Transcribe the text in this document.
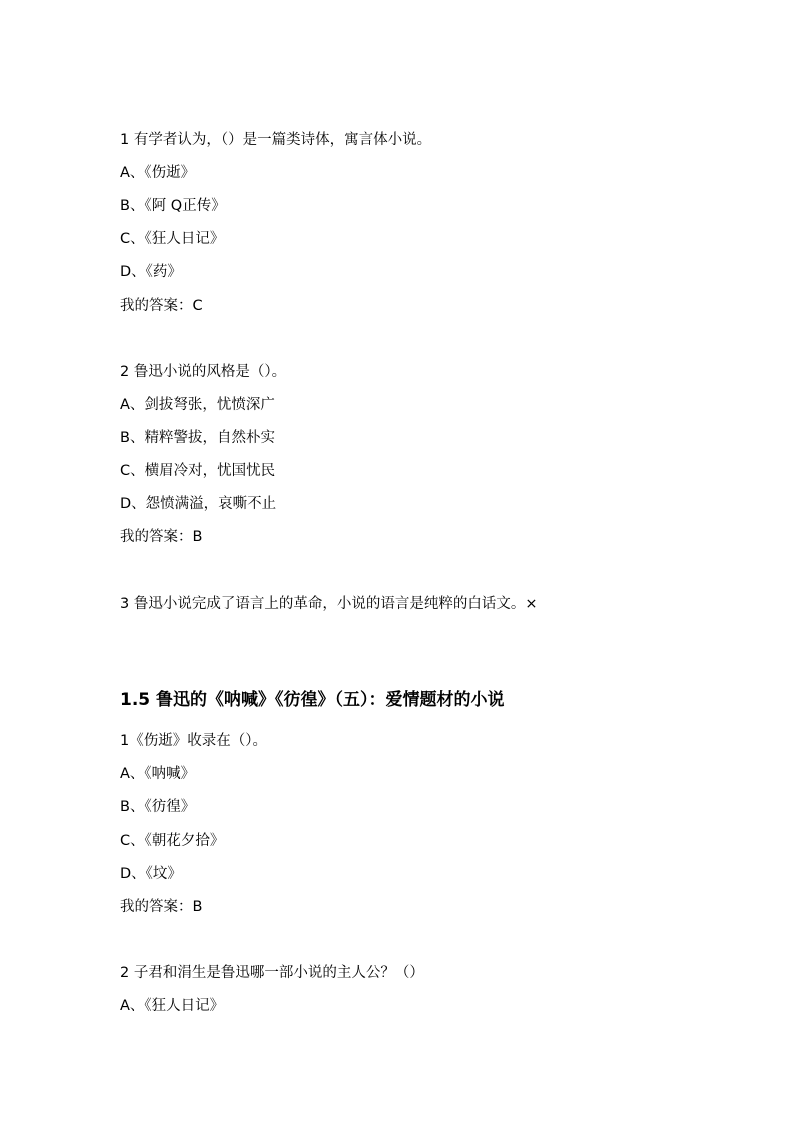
1 有学者认为，（）是一篇类诗体，寓言体小说。

A、《伤逝》

B、《阿 Q正传》

C、《狂人日记》

D、《药》

我的答案：C

2 鲁迅小说的风格是（）。

A、剑拔弩张，忧愤深广

B、精粹警拔，自然朴实

C、横眉冷对，忧国忧民

D、怨愤满溢，哀嘶不止

我的答案：B

3 鲁迅小说完成了语言上的革命，小说的语言是纯粹的白话文。×

1.5 鲁迅的《呐喊》《彷徨》（五）：爱情题材的小说

1《伤逝》收录在（）。

A、《呐喊》

B、《彷徨》

C、《朝花夕拾》

D、《坟》

我的答案：B

2 子君和涓生是鲁迅哪一部小说的主人公？（）

A、《狂人日记》
